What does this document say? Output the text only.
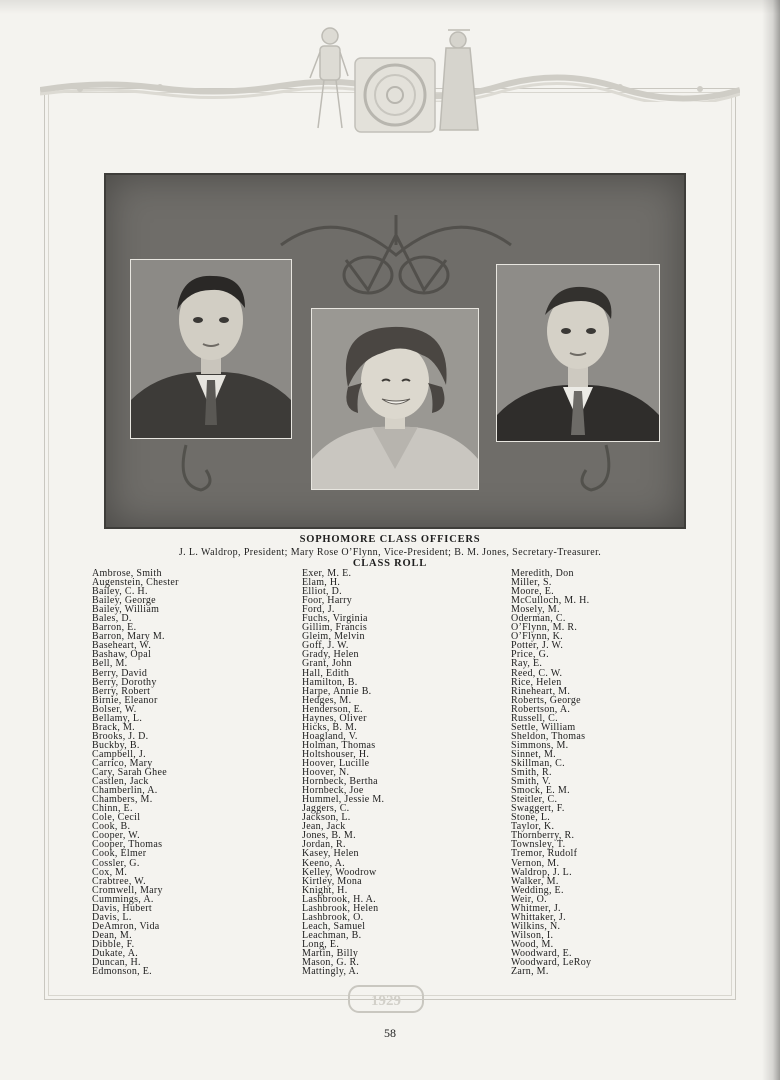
SOPHOMORE CLASS OFFICERS
J. L. Waldrop, President; Mary Rose O’Flynn, Vice-President; B. M. Jones, Secretary-Treasurer.
CLASS ROLL
Ambrose, Smith
Augenstein, Chester
Bailey, C. H.
Bailey, George
Bailey, William
Bales, D.
Barron, E.
Barron, Mary M.
Baseheart, W.
Bashaw, Opal
Bell, M.
Berry, David
Berry, Dorothy
Berry, Robert
Birnie, Eleanor
Bolser, W.
Bellamy, L.
Brack, M.
Brooks, J. D.
Buckby, B.
Campbell, J.
Carrico, Mary
Cary, Sarah Ghee
Castlen, Jack
Chamberlin, A.
Chambers, M.
Chinn, E.
Cole, Cecil
Cook, B.
Cooper, W.
Cooper, Thomas
Cook, Elmer
Cossler, G.
Cox, M.
Crabtree, W.
Cromwell, Mary
Cummings, A.
Davis, Hubert
Davis, L.
DeAmron, Vida
Dean, M.
Dibble, F.
Dukate, A.
Duncan, H.
Edmonson, E.
Exer, M. E.
Elam, H.
Elliot, D.
Foor, Harry
Ford, J.
Fuchs, Virginia
Gillim, Francis
Gleim, Melvin
Goff, J. W.
Grady, Helen
Grant, John
Hall, Edith
Hamilton, B.
Harpe, Annie B.
Hedges, M.
Henderson, E.
Haynes, Oliver
Hicks, B. M.
Hoagland, V.
Holman, Thomas
Holtshouser, H.
Hoover, Lucille
Hoover, N.
Hornbeck, Bertha
Hornbeck, Joe
Hummel, Jessie M.
Jaggers, C.
Jackson, L.
Jean, Jack
Jones, B. M.
Jordan, R.
Kasey, Helen
Keeno, A.
Kelley, Woodrow
Kirtley, Mona
Knight, H.
Lashbrook, H. A.
Lashbrook, Helen
Lashbrook, O.
Leach, Samuel
Leachman, B.
Long, E.
Martin, Billy
Mason, G. R.
Mattingly, A.
Meredith, Don
Miller, S.
Moore, E.
McCulloch, M. H.
Mosely, M.
Oderman, C.
O’Flynn, M. R.
O’Flynn, K.
Potter, J. W.
Price, G.
Ray, E.
Reed, C. W.
Rice, Helen
Rineheart, M.
Roberts, George
Robertson, A.
Russell, C.
Settle, William
Sheldon, Thomas
Simmons, M.
Sinnet, M.
Skillman, C.
Smith, R.
Smith, V.
Smock, E. M.
Steitler, C.
Swaggert, F.
Stone, L.
Taylor, K.
Thornberry, R.
Townsley, T.
Tremor, Rudolf
Vernon, M.
Waldrop, J. L.
Walker, M.
Wedding, E.
Weir, O.
Whitmer, J.
Whittaker, J.
Wilkins, N.
Wilson, I.
Wood, M.
Woodward, E.
Woodward, LeRoy
Zarn, M.
1929
58
